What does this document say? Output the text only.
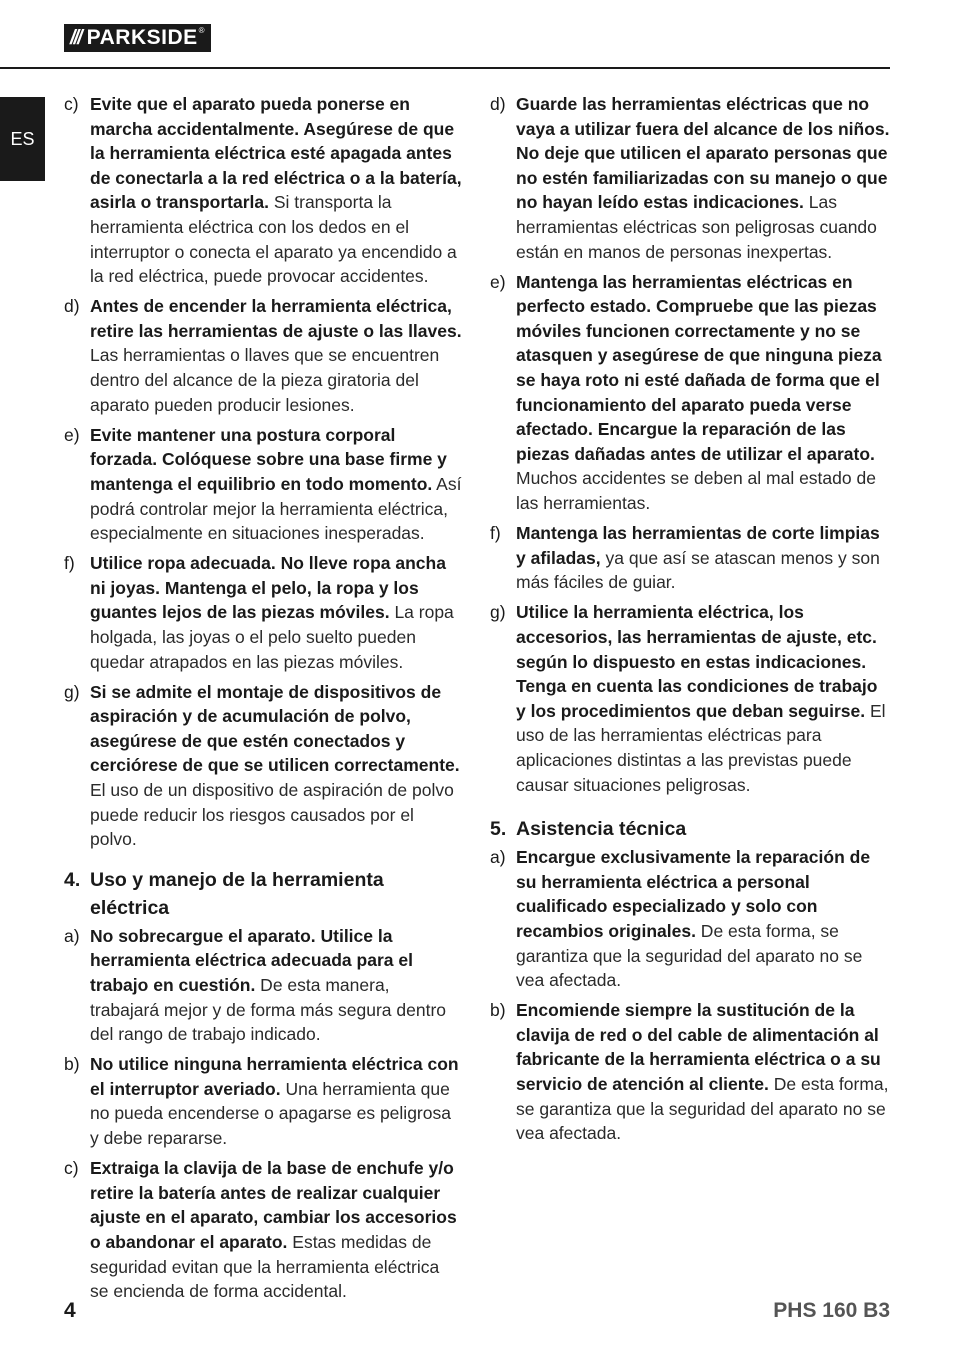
/// PARKSIDE ®
ES
c) Evite que el aparato pueda ponerse en marcha accidentalmente. Asegúrese de que la herramienta eléctrica esté apagada antes de conectarla a la red eléctrica o a la batería, asirla o transportarla. Si transporta la herramienta eléctrica con los dedos en el interruptor o conecta el aparato ya encendido a la red eléctrica, puede provocar accidentes.
d) Antes de encender la herramienta eléctrica, retire las herramientas de ajuste o las llaves. Las herramientas o llaves que se encuentren dentro del alcance de la pieza giratoria del aparato pueden producir lesiones.
e) Evite mantener una postura corporal forzada. Colóquese sobre una base firme y mantenga el equilibrio en todo momento. Así podrá controlar mejor la herramienta eléctrica, especialmente en situaciones inesperadas.
f) Utilice ropa adecuada. No lleve ropa ancha ni joyas. Mantenga el pelo, la ropa y los guantes lejos de las piezas móviles. La ropa holgada, las joyas o el pelo suelto pueden quedar atrapados en las piezas móviles.
g) Si se admite el montaje de dispositivos de aspiración y de acumulación de polvo, asegúrese de que estén conectados y cerciórese de que se utilicen correctamente. El uso de un dispositivo de aspiración de polvo puede reducir los riesgos causados por el polvo.
4. Uso y manejo de la herramienta eléctrica
a) No sobrecargue el aparato. Utilice la herramienta eléctrica adecuada para el trabajo en cuestión. De esta manera, trabajará mejor y de forma más segura dentro del rango de trabajo indicado.
b) No utilice ninguna herramienta eléctrica con el interruptor averiado. Una herramienta que no pueda encenderse o apagarse es peligrosa y debe repararse.
c) Extraiga la clavija de la base de enchufe y/o retire la batería antes de realizar cualquier ajuste en el aparato, cambiar los accesorios o abandonar el aparato. Estas medidas de seguridad evitan que la herramienta eléctrica se encienda de forma accidental.
d) Guarde las herramientas eléctricas que no vaya a utilizar fuera del alcance de los niños. No deje que utilicen el aparato personas que no estén familiarizadas con su manejo o que no hayan leído estas indicaciones. Las herramientas eléctricas son peligrosas cuando están en manos de personas inexpertas.
e) Mantenga las herramientas eléctricas en perfecto estado. Compruebe que las piezas móviles funcionen correctamente y no se atasquen y asegúrese de que ninguna pieza se haya roto ni esté dañada de forma que el funcionamiento del aparato pueda verse afectado. Encargue la reparación de las piezas dañadas antes de utilizar el aparato. Muchos accidentes se deben al mal estado de las herramientas.
f) Mantenga las herramientas de corte limpias y afiladas, ya que así se atascan menos y son más fáciles de guiar.
g) Utilice la herramienta eléctrica, los accesorios, las herramientas de ajuste, etc. según lo dispuesto en estas indicaciones. Tenga en cuenta las condiciones de trabajo y los procedimientos que deban seguirse. El uso de las herramientas eléctricas para aplicaciones distintas a las previstas puede causar situaciones peligrosas.
5. Asistencia técnica
a) Encargue exclusivamente la reparación de su herramienta eléctrica a personal cualificado especializado y solo con recambios originales. De esta forma, se garantiza que la seguridad del aparato no se vea afectada.
b) Encomiende siempre la sustitución de la clavija de red o del cable de alimentación al fabricante de la herramienta eléctrica o a su servicio de atención al cliente. De esta forma, se garantiza que la seguridad del aparato no se vea afectada.
4	PHS 160 B3
